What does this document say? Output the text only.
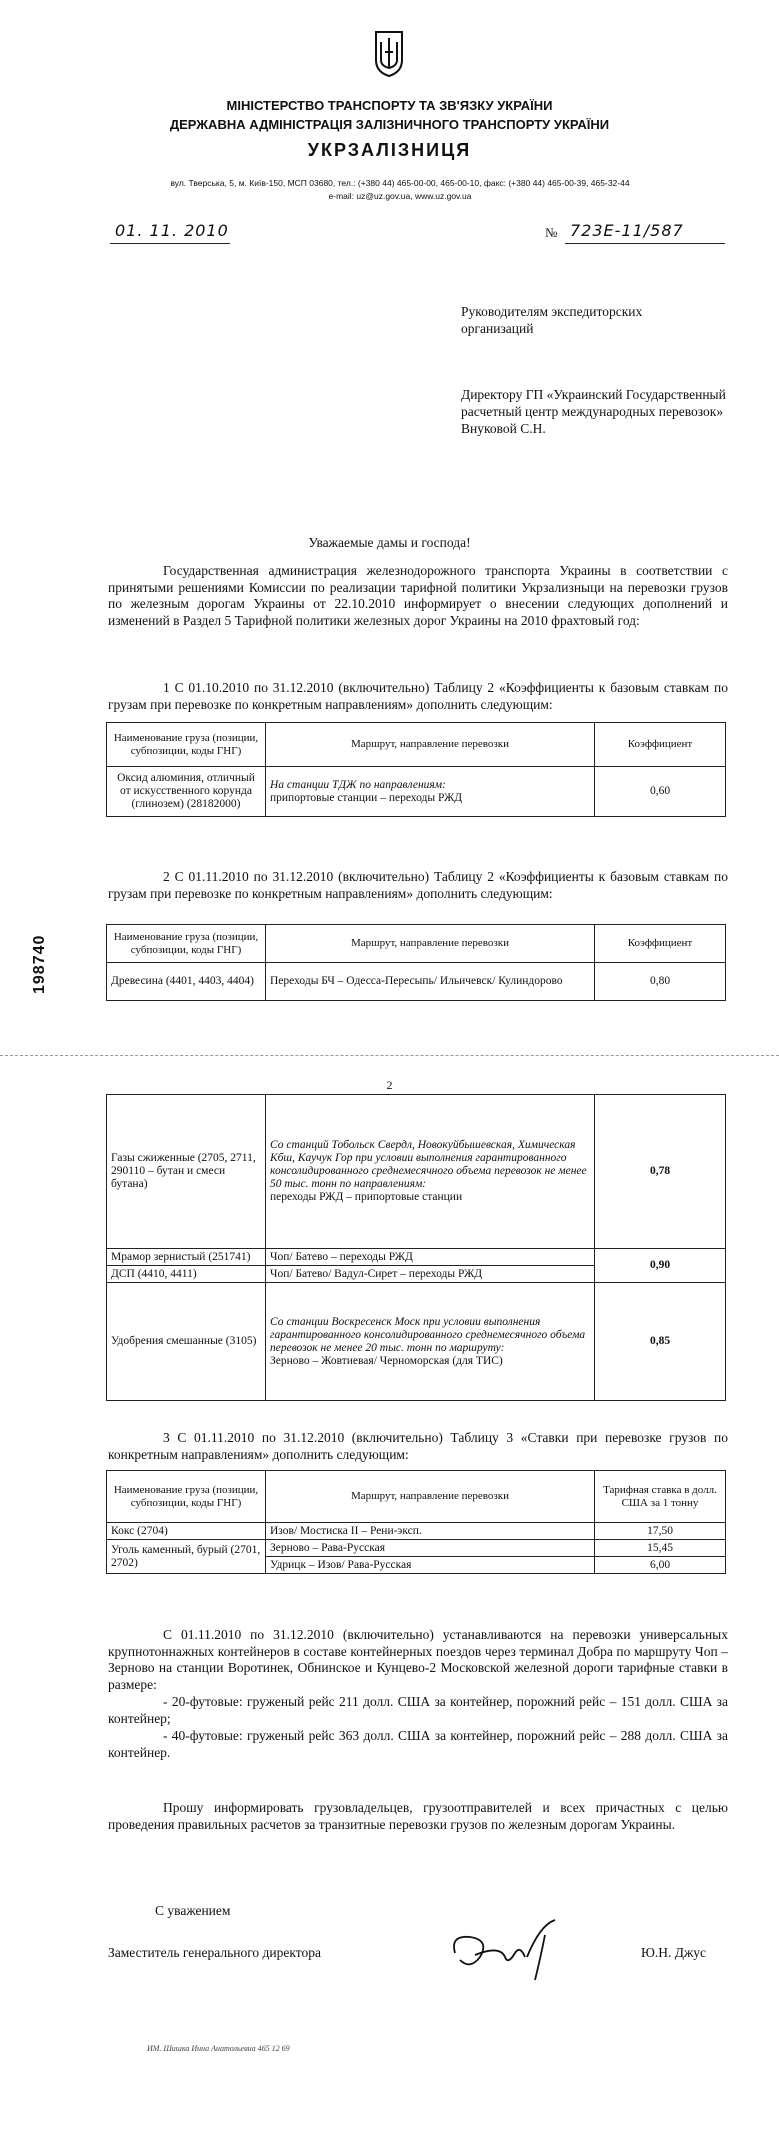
МІНІСТЕРСТВО ТРАНСПОРТУ ТА ЗВ'ЯЗКУ УКРАЇНИ
ДЕРЖАВНА АДМІНІСТРАЦІЯ ЗАЛІЗНИЧНОГО ТРАНСПОРТУ УКРАЇНИ
УКРЗАЛІЗНИЦЯ
вул. Тверська, 5, м. Київ-150, МСП 03680, тел.: (+380 44) 465-00-00, 465-00-10, факс: (+380 44) 465-00-39, 465-32-44
e-mail: uz@uz.gov.ua, www.uz.gov.ua
01. 11. 2010	№ 723Е-11/587
Руководителям экспедиторских организаций
Директору ГП «Украинский Государственный расчетный центр международных перевозок» Внуковой С.Н.
Уважаемые дамы и господа!
Государственная администрация железнодорожного транспорта Украины в соответствии с принятыми решениями Комиссии по реализации тарифной политики Укрзализныци на перевозки грузов по железным дорогам Украины от 22.10.2010 информирует о внесении следующих дополнений и изменений в Раздел 5 Тарифной политики железных дорог Украины на 2010 фрахтовый год:
1 С 01.10.2010 по 31.12.2010 (включительно) Таблицу 2 «Коэффициенты к базовым ставкам по грузам при перевозке по конкретным направлениям» дополнить следующим:
Наименование груза (позиции, субпозиции, коды ГНГ)	Маршрут, направление перевозки	Коэффициент
Оксид алюминия, отличный от искусственного корунда (глинозем) (28182000)	На станции ТДЖ по направлениям:
припортовые станции – переходы РЖД	0,60
2 С 01.11.2010 по 31.12.2010 (включительно) Таблицу 2 «Коэффициенты к базовым ставкам по грузам при перевозке по конкретным направлениям» дополнить следующим:
Наименование груза (позиции, субпозиции, коды ГНГ)	Маршрут, направление перевозки	Коэффициент
Древесина (4401, 4403, 4404)	Переходы БЧ – Одесса-Пересыпь/ Ильичевск/ Кулиндорово	0,80
198740
2
Газы сжиженные (2705, 2711, 290110 – бутан и смеси бутана)	Со станций Тобольск Свердл, Новокуйбышевская, Химическая Кбш, Каучук Гор при условии выполнения гарантированного консолидированного среднемесячного объема перевозок не менее 50 тыс. тонн по направлениям:
переходы РЖД – припортовые станции	0,78
Мрамор зернистый (251741)	Чоп/ Батево – переходы РЖД	0,90
ДСП (4410, 4411)	Чоп/ Батево/ Вадул-Сирет – переходы РЖД	
Удобрения смешанные (3105)	Со станции Воскресенск Моск при условии выполнения гарантированного консолидированного среднемесячного объема перевозок не менее 20 тыс. тонн по маршруту:
Зерново – Жовтиевая/ Черноморская (для ТИС)	0,85
3 С 01.11.2010 по 31.12.2010 (включительно) Таблицу 3 «Ставки при перевозке грузов по конкретным направлениям» дополнить следующим:
Наименование груза (позиции, субпозиции, коды ГНГ)	Маршрут, направление перевозки	Тарифная ставка в долл. США за 1 тонну
Кокс (2704)	Изов/ Мостиска II – Рени-эксп.	17,50
Уголь каменный, бурый (2701, 2702)	Зерново – Рава-Русская	15,45
	Удрицк – Изов/ Рава-Русская	6,00
С 01.11.2010 по 31.12.2010 (включительно) устанавливаются на перевозки универсальных крупнотоннажных контейнеров в составе контейнерных поездов через терминал Добра по маршруту Чоп – Зерново на станции Воротинек, Обнинское и Кунцево-2 Московской железной дороги тарифные ставки в размере:
- 20-футовые: груженый рейс 211 долл. США за контейнер, порожний рейс – 151 долл. США за контейнер;
- 40-футовые: груженый рейс 363 долл. США за контейнер, порожний рейс – 288 долл. США за контейнер.
Прошу информировать грузовладельцев, грузоотправителей и всех причастных с целью проведения правильных расчетов за транзитные перевозки грузов по железным дорогам Украины.
С уважением
Заместитель генерального директора	Ю.Н. Джус
ИМ. Шишка Инна Анатольевна 465 12 69
